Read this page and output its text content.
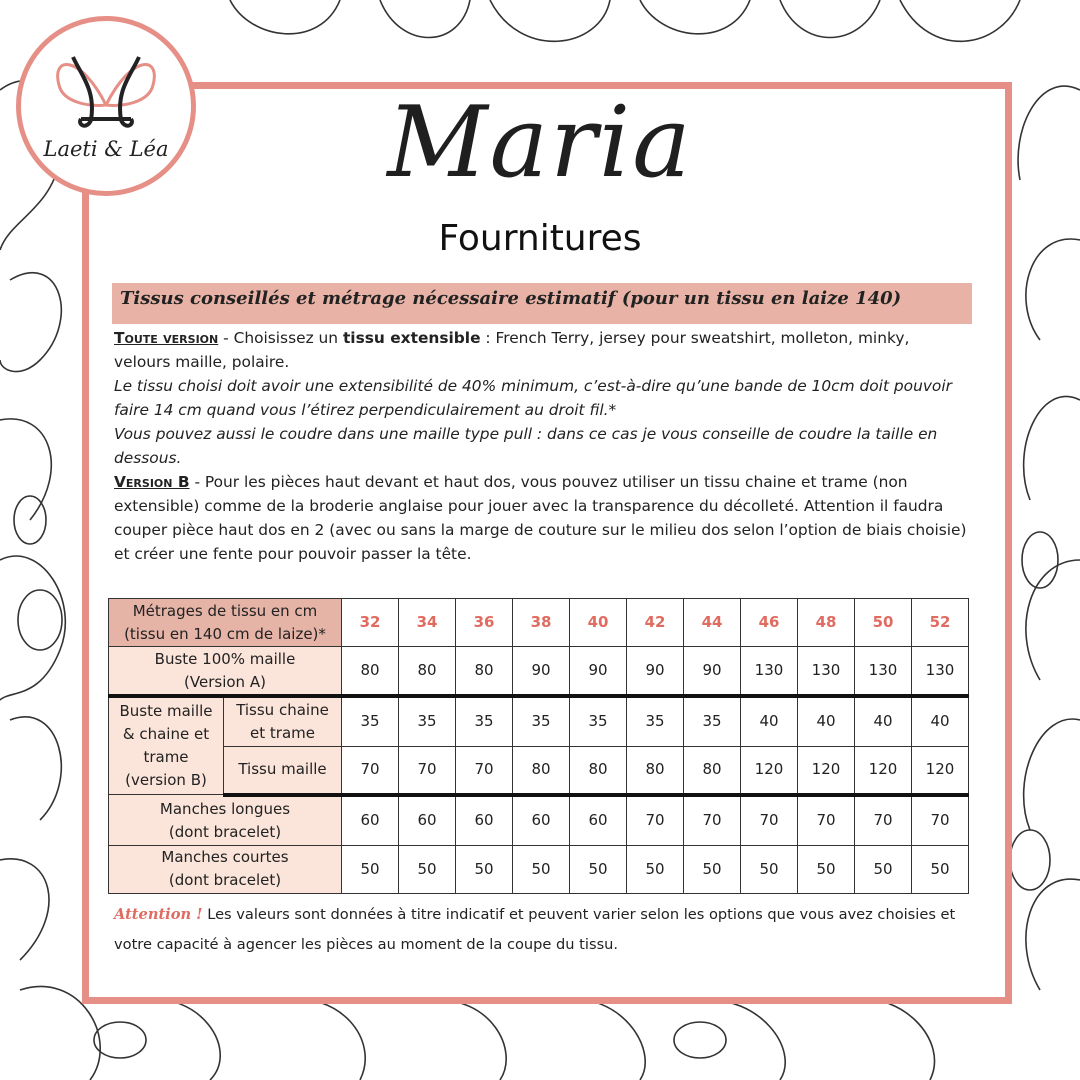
Laeti & Léa	Maria
Fournitures
Tissus conseillés et métrage nécessaire estimatif (pour un tissu en laize 140)

Toute version - Choisissez un tissu extensible : French Terry, jersey pour sweatshirt, molleton, minky, velours maille, polaire.

Le tissu choisi doit avoir une extensibilité de 40% minimum, c’est-à-dire qu’une bande de 10cm doit pouvoir faire 14 cm quand vous l’étirez perpendiculairement au droit fil.*

Vous pouvez aussi le coudre dans une maille type pull : dans ce cas je vous conseille de coudre la taille en dessous.

Version B - Pour les pièces haut devant et haut dos, vous pouvez utiliser un tissu chaine et trame (non extensible) comme de la broderie anglaise pour jouer avec la transparence du décolleté. Attention il faudra couper pièce haut dos en 2 (avec ou sans la marge de couture sur le milieu dos selon l’option de biais choisie) et créer une fente pour pouvoir passer la tête.

Métrages de tissu en cm
(tissu en 140 cm de laize)*		32	34	36	38	40	42	44	46	48	50	52
Buste 100% maille
(Version A)		80	80	80	90	90	90	90	130	130	130	130
Buste maille
& chaine et
trame
(version B)	Tissu chaine
et trame	35	35	35	35	35	35	35	40	40	40	40
	Tissu maille	70	70	70	80	80	80	80	120	120	120	120
Manches longues
(dont bracelet)		60	60	60	60	60	70	70	70	70	70	70
Manches courtes
(dont bracelet)		50	50	50	50	50	50	50	50	50	50	50
Attention ! Les valeurs sont données à titre indicatif et peuvent varier selon les options que vous avez choisies et votre capacité à agencer les pièces au moment de la coupe du tissu.
